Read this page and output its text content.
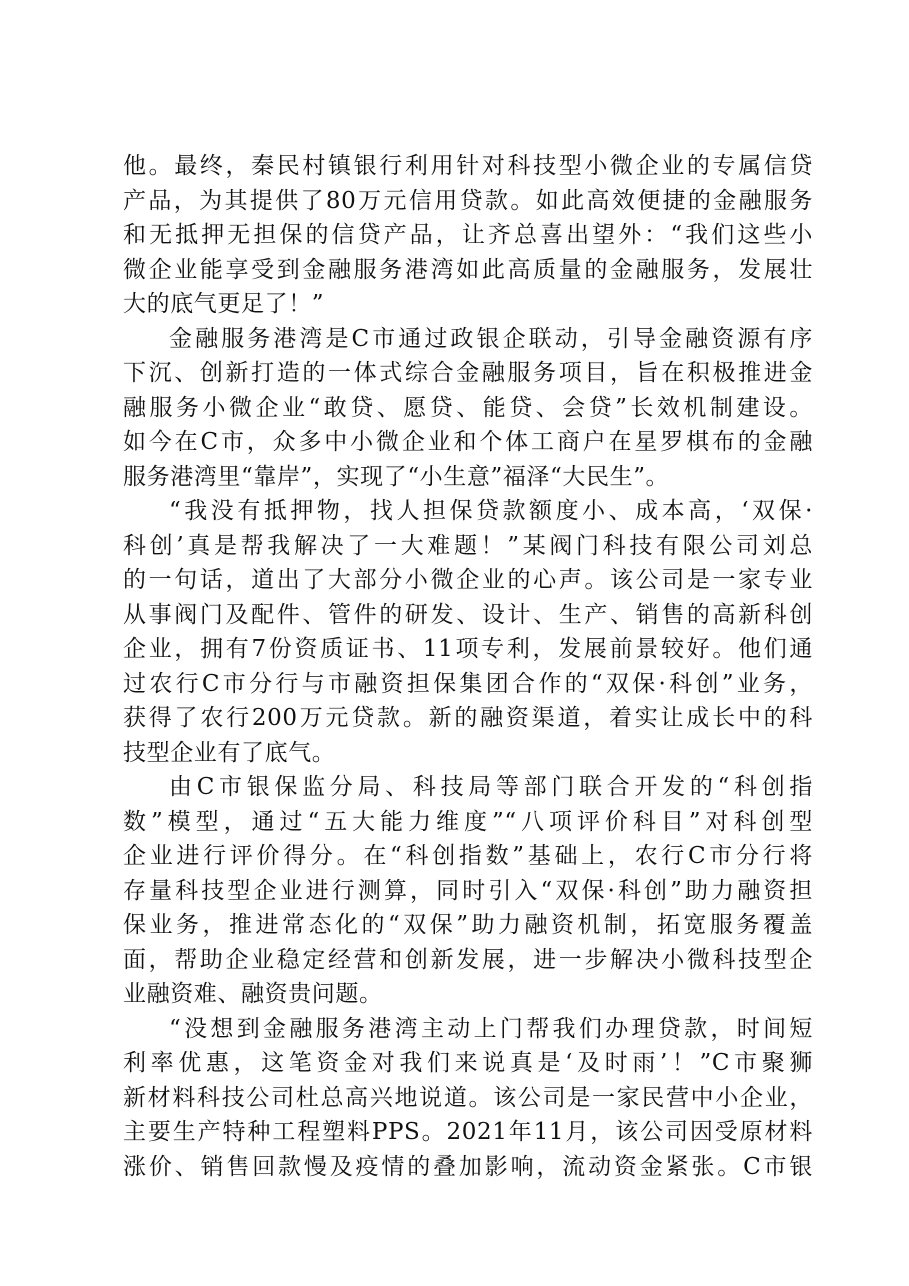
他。最终，秦民村镇银行利用针对科技型小微企业的专属信贷
产品，为其提供了80万元信用贷款。如此高效便捷的金融服务
和无抵押无担保的信贷产品，让齐总喜出望外：“我们这些小
微企业能享受到金融服务港湾如此高质量的金融服务，发展壮
大的底气更足了！”
金融服务港湾是C市通过政银企联动，引导金融资源有序
下沉、创新打造的一体式综合金融服务项目，旨在积极推进金
融服务小微企业“敢贷、愿贷、能贷、会贷”长效机制建设。
如今在C市，众多中小微企业和个体工商户在星罗棋布的金融
服务港湾里“靠岸”，实现了“小生意”福泽“大民生”。
“我没有抵押物，找人担保贷款额度小、成本高，‘双保·
科创’真是帮我解决了一大难题！”某阀门科技有限公司刘总
的一句话，道出了大部分小微企业的心声。该公司是一家专业
从事阀门及配件、管件的研发、设计、生产、销售的高新科创
企业，拥有7份资质证书、11项专利，发展前景较好。他们通
过农行C市分行与市融资担保集团合作的“双保·科创”业务，
获得了农行200万元贷款。新的融资渠道，着实让成长中的科
技型企业有了底气。
由C市银保监分局、科技局等部门联合开发的“科创指
数”模型，通过“五大能力维度”“八项评价科目”对科创型
企业进行评价得分。在“科创指数”基础上，农行C市分行将
存量科技型企业进行测算，同时引入“双保·科创”助力融资担
保业务，推进常态化的“双保”助力融资机制，拓宽服务覆盖
面，帮助企业稳定经营和创新发展，进一步解决小微科技型企
业融资难、融资贵问题。
“没想到金融服务港湾主动上门帮我们办理贷款，时间短
利率优惠，这笔资金对我们来说真是‘及时雨’！”C市聚狮
新材料科技公司杜总高兴地说道。该公司是一家民营中小企业，
主要生产特种工程塑料PPS。2021年11月，该公司因受原材料
涨价、销售回款慢及疫情的叠加影响，流动资金紧张。C市银
